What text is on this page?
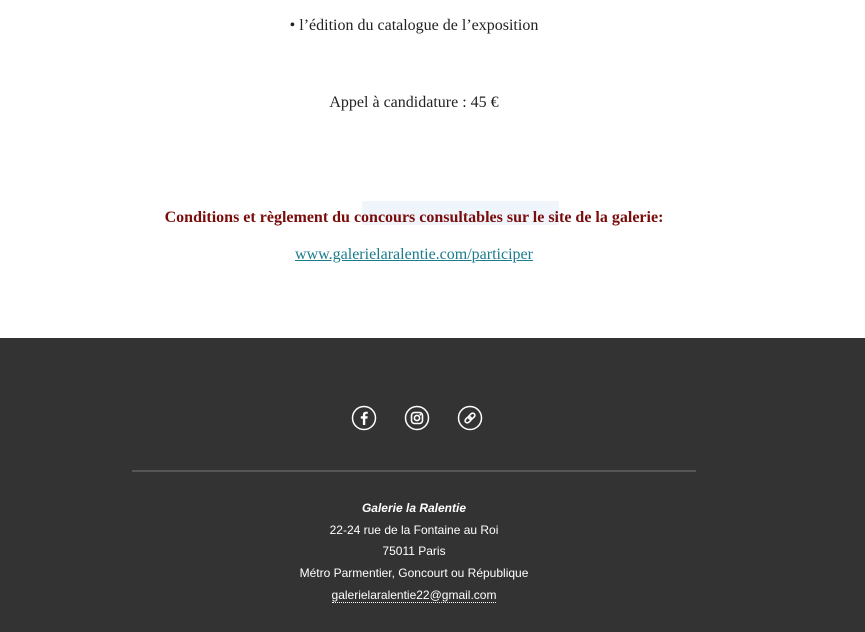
• l’édition du catalogue de l’exposition
Appel à candidature : 45 €
Conditions et règlement du concours consultables sur le site de la galerie:
www.galerielaralentie.com/participer
Galerie la Ralentie
22-24 rue de la Fontaine au Roi
75011 Paris
Métro Parmentier, Goncourt ou République
galerielaralentie22@gmail.com
